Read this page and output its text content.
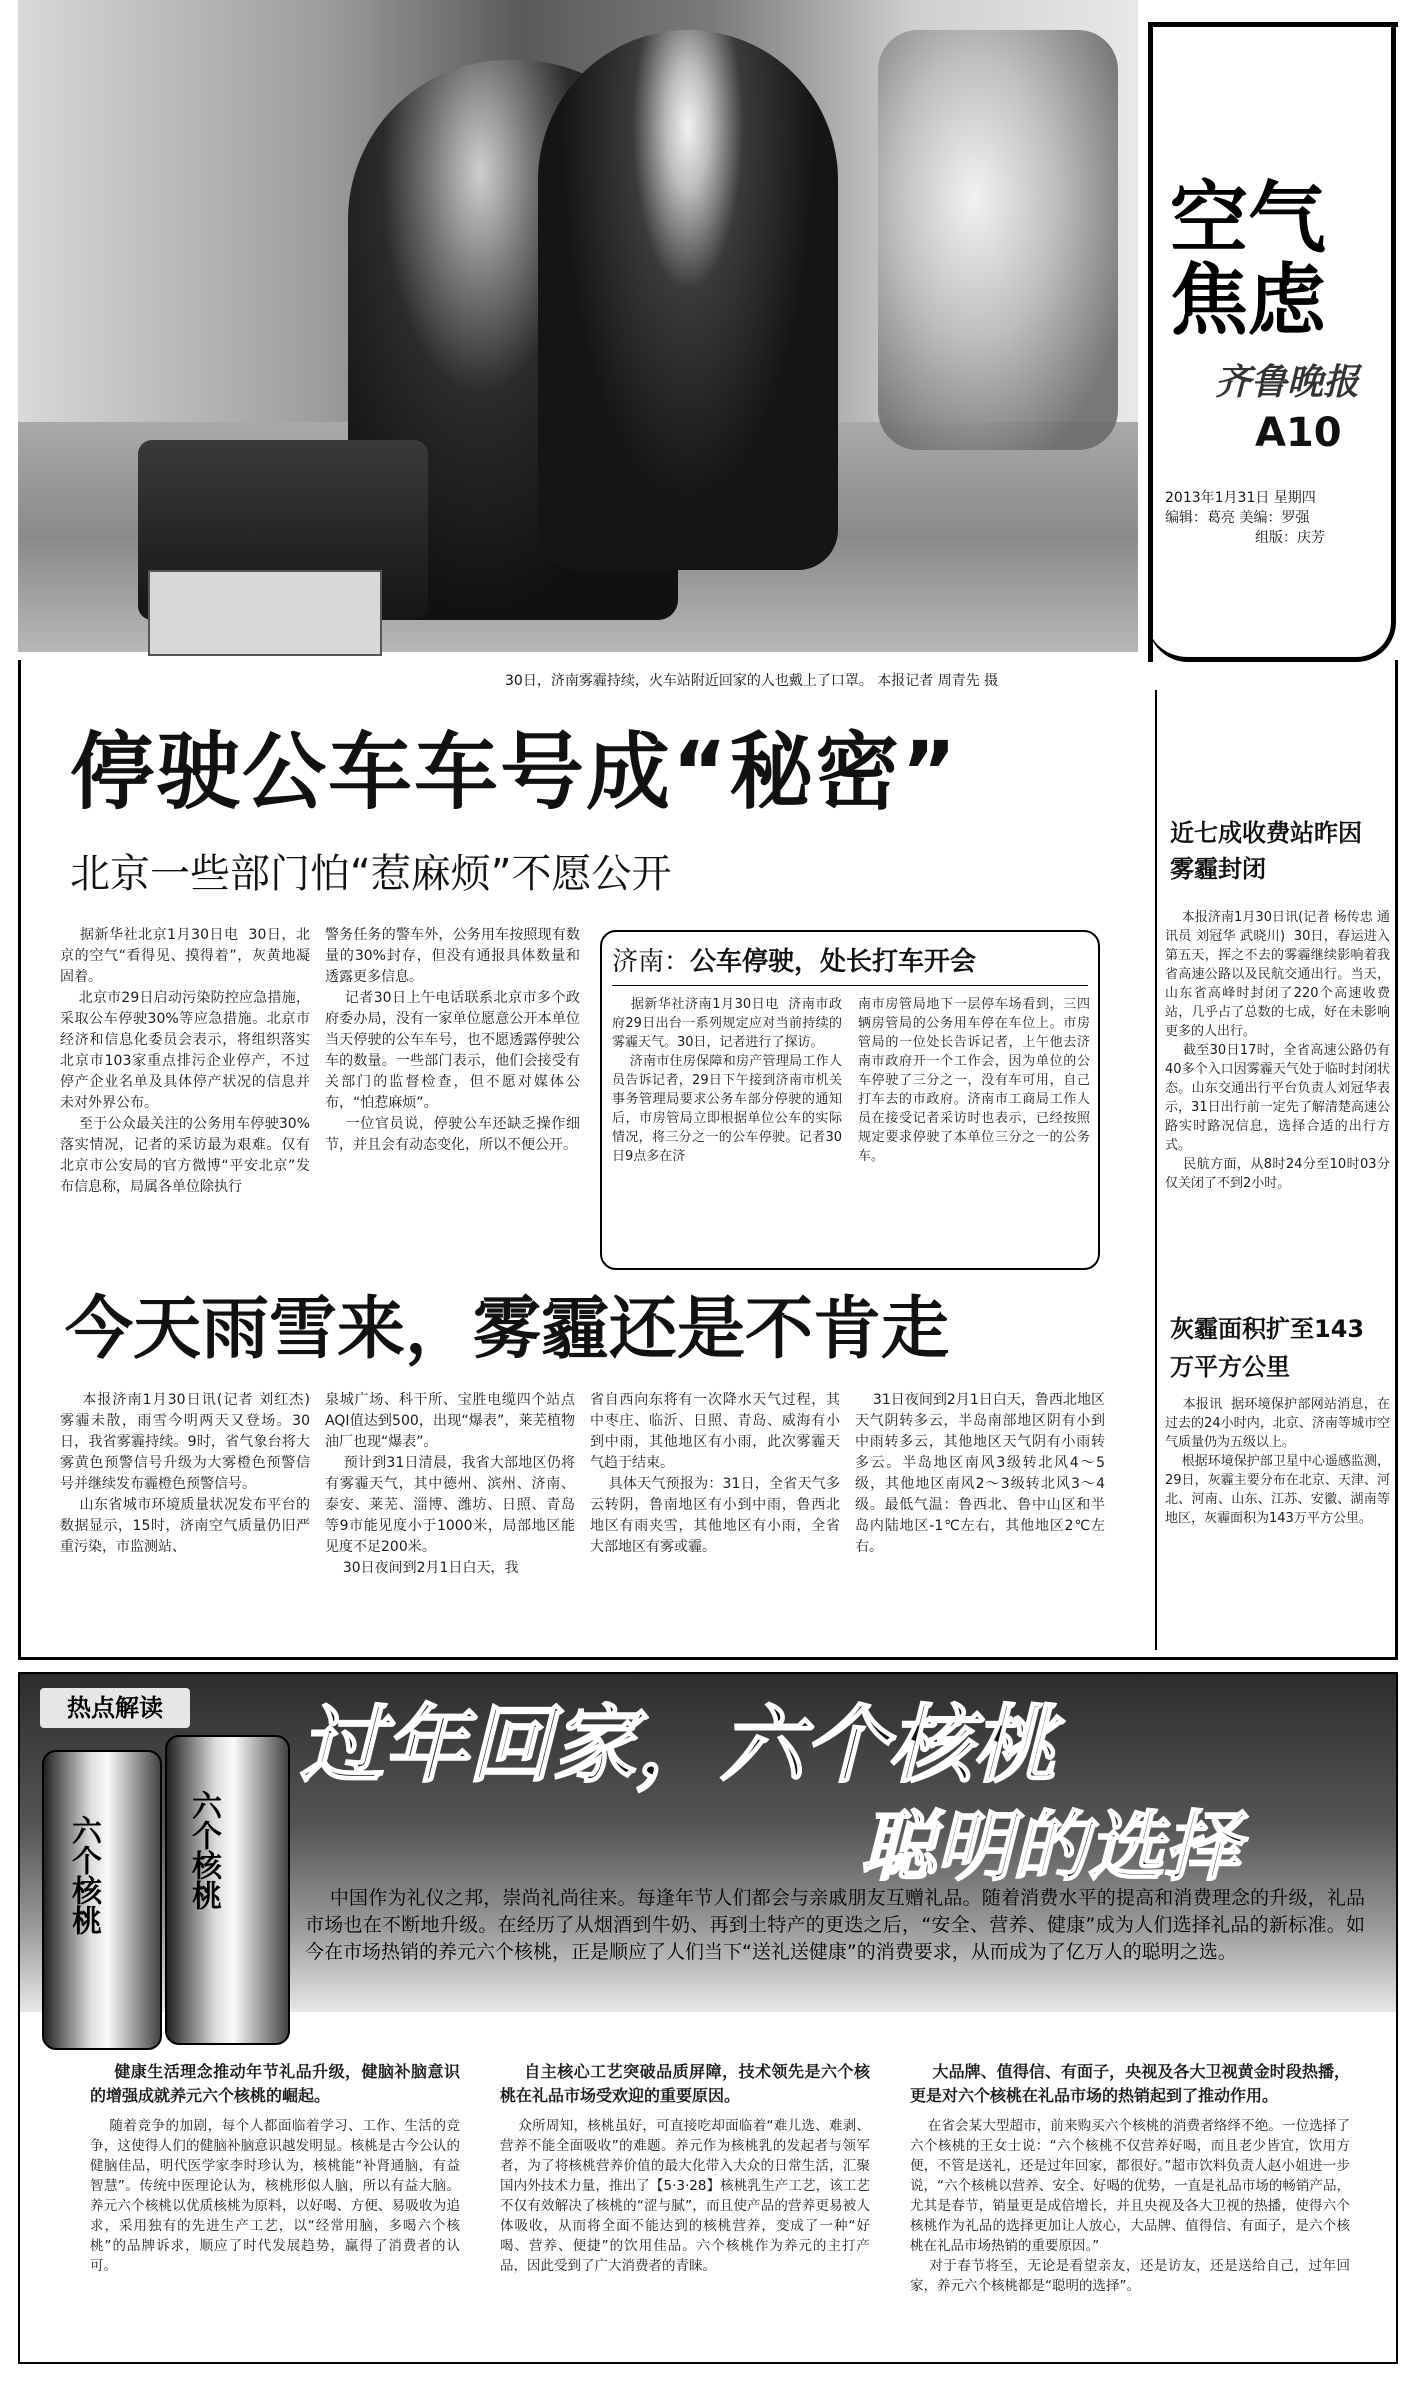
空气
焦虑
齐鲁晚报
A10
2013年1月31日 星期四
编辑：葛亮 美编：罗强
组版：庆芳
30日，济南雾霾持续，火车站附近回家的人也戴上了口罩。 本报记者 周青先 摄
停驶公车车号成“秘密”
北京一些部门怕“惹麻烦”不愿公开
据新华社北京1月30日电  30日，北京的空气“看得见、摸得着”，灰黄地凝固着。
北京市29日启动污染防控应急措施，采取公车停驶30%等应急措施。北京市经济和信息化委员会表示，将组织落实北京市103家重点排污企业停产，不过停产企业名单及具体停产状况的信息并未对外界公布。
至于公众最关注的公务用车停驶30%落实情况，记者的采访最为艰难。仅有北京市公安局的官方微博“平安北京”发布信息称，局属各单位除执行
警务任务的警车外，公务用车按照现有数量的30%封存，但没有通报具体数量和透露更多信息。
记者30日上午电话联系北京市多个政府委办局，没有一家单位愿意公开本单位当天停驶的公车车号，也不愿透露停驶公车的数量。一些部门表示，他们会接受有关部门的监督检查，但不愿对媒体公布，“怕惹麻烦”。
一位官员说，停驶公车还缺乏操作细节，并且会有动态变化，所以不便公开。
济南：公车停驶，处长打车开会
据新华社济南1月30日电  济南市政府29日出台一系列规定应对当前持续的雾霾天气。30日，记者进行了探访。
济南市住房保障和房产管理局工作人员告诉记者，29日下午接到济南市机关事务管理局要求公务车部分停驶的通知后，市房管局立即根据单位公车的实际情况，将三分之一的公车停驶。记者30日9点多在济
南市房管局地下一层停车场看到，三四辆房管局的公务用车停在车位上。市房管局的一位处长告诉记者，上午他去济南市政府开一个工作会，因为单位的公车停驶了三分之一，没有车可用，自己打车去的市政府。济南市工商局工作人员在接受记者采访时也表示，已经按照规定要求停驶了本单位三分之一的公务车。
近七成收费站昨因雾霾封闭
本报济南1月30日讯(记者 杨传忠 通讯员 刘冠华 武晓川)  30日，春运进入第五天，挥之不去的雾霾继续影响着我省高速公路以及民航交通出行。当天，山东省高峰时封闭了220个高速收费站，几乎占了总数的七成，好在未影响更多的人出行。
截至30日17时，全省高速公路仍有40多个入口因雾霾天气处于临时封闭状态。山东交通出行平台负责人刘冠华表示，31日出行前一定先了解清楚高速公路实时路况信息，选择合适的出行方式。
民航方面，从8时24分至10时03分仅关闭了不到2小时。
今天雨雪来，雾霾还是不肯走
本报济南1月30日讯(记者 刘红杰)  雾霾未散，雨雪今明两天又登场。30日，我省雾霾持续。9时，省气象台将大雾黄色预警信号升级为大雾橙色预警信号并继续发布霾橙色预警信号。
山东省城市环境质量状况发布平台的数据显示，15时，济南空气质量仍旧严重污染，市监测站、
泉城广场、科干所、宝胜电缆四个站点AQI值达到500，出现“爆表”，莱芜植物油厂也现“爆表”。
预计到31日清晨，我省大部地区仍将有雾霾天气，其中德州、滨州、济南、泰安、莱芜、淄博、潍坊、日照、青岛等9市能见度小于1000米，局部地区能见度不足200米。
30日夜间到2月1日白天，我
省自西向东将有一次降水天气过程，其中枣庄、临沂、日照、青岛、威海有小到中雨，其他地区有小雨，此次雾霾天气趋于结束。
具体天气预报为：31日，全省天气多云转阴，鲁南地区有小到中雨，鲁西北地区有雨夹雪，其他地区有小雨，全省大部地区有雾或霾。
31日夜间到2月1日白天，鲁西北地区天气阴转多云，半岛南部地区阴有小到中雨转多云，其他地区天气阴有小雨转多云。半岛地区南风3级转北风4～5级，其他地区南风2～3级转北风3～4级。最低气温：鲁西北、鲁中山区和半岛内陆地区-1℃左右，其他地区2℃左右。
灰霾面积扩至143万平方公里
本报讯  据环境保护部网站消息，在过去的24小时内，北京、济南等城市空气质量仍为五级以上。
根据环境保护部卫星中心遥感监测，29日，灰霾主要分布在北京、天津、河北、河南、山东、江苏、安徽、湖南等地区，灰霾面积为143万平方公里。
热点解读
六个核桃	六个核桃
过年回家，六个核桃
聪明的选择
中国作为礼仪之邦，崇尚礼尚往来。每逢年节人们都会与亲戚朋友互赠礼品。随着消费水平的提高和消费理念的升级，礼品市场也在不断地升级。在经历了从烟酒到牛奶、再到土特产的更迭之后，“安全、营养、健康”成为人们选择礼品的新标准。如今在市场热销的养元六个核桃，正是顺应了人们当下“送礼送健康”的消费要求，从而成为了亿万人的聪明之选。
健康生活理念推动年节礼品升级，健脑补脑意识的增强成就养元六个核桃的崛起。
随着竞争的加剧，每个人都面临着学习、工作、生活的竞争，这使得人们的健脑补脑意识越发明显。核桃是古今公认的健脑佳品，明代医学家李时珍认为，核桃能“补肾通脑，有益智慧”。传统中医理论认为，核桃形似人脑，所以有益大脑。养元六个核桃以优质核桃为原料，以好喝、方便、易吸收为追求，采用独有的先进生产工艺，以“经常用脑，多喝六个核桃”的品牌诉求，顺应了时代发展趋势，赢得了消费者的认可。
自主核心工艺突破品质屏障，技术领先是六个核桃在礼品市场受欢迎的重要原因。
众所周知，核桃虽好，可直接吃却面临着“难儿选、难剥、营养不能全面吸收”的难题。养元作为核桃乳的发起者与领军者，为了将核桃营养价值的最大化带入大众的日常生活，汇聚国内外技术力量，推出了【5·3·28】核桃乳生产工艺，该工艺不仅有效解决了核桃的“涩与腻”，而且使产品的营养更易被人体吸收，从而将全面不能达到的核桃营养，变成了一种“好喝、营养、便捷”的饮用佳品。六个核桃作为养元的主打产品，因此受到了广大消费者的青睐。
大品牌、值得信、有面子，央视及各大卫视黄金时段热播，更是对六个核桃在礼品市场的热销起到了推动作用。
在省会某大型超市，前来购买六个核桃的消费者络绎不绝。一位选择了六个核桃的王女士说：“六个核桃不仅营养好喝，而且老少皆宜，饮用方便，不管是送礼，还是过年回家，都很好。”超市饮料负责人赵小姐进一步说，“六个核桃以营养、安全、好喝的优势，一直是礼品市场的畅销产品，尤其是春节，销量更是成倍增长，并且央视及各大卫视的热播，使得六个核桃作为礼品的选择更加让人放心，大品牌、值得信、有面子，是六个核桃在礼品市场热销的重要原因。”
对于春节将至，无论是看望亲友，还是访友，还是送给自己，过年回家，养元六个核桃都是“聪明的选择”。
